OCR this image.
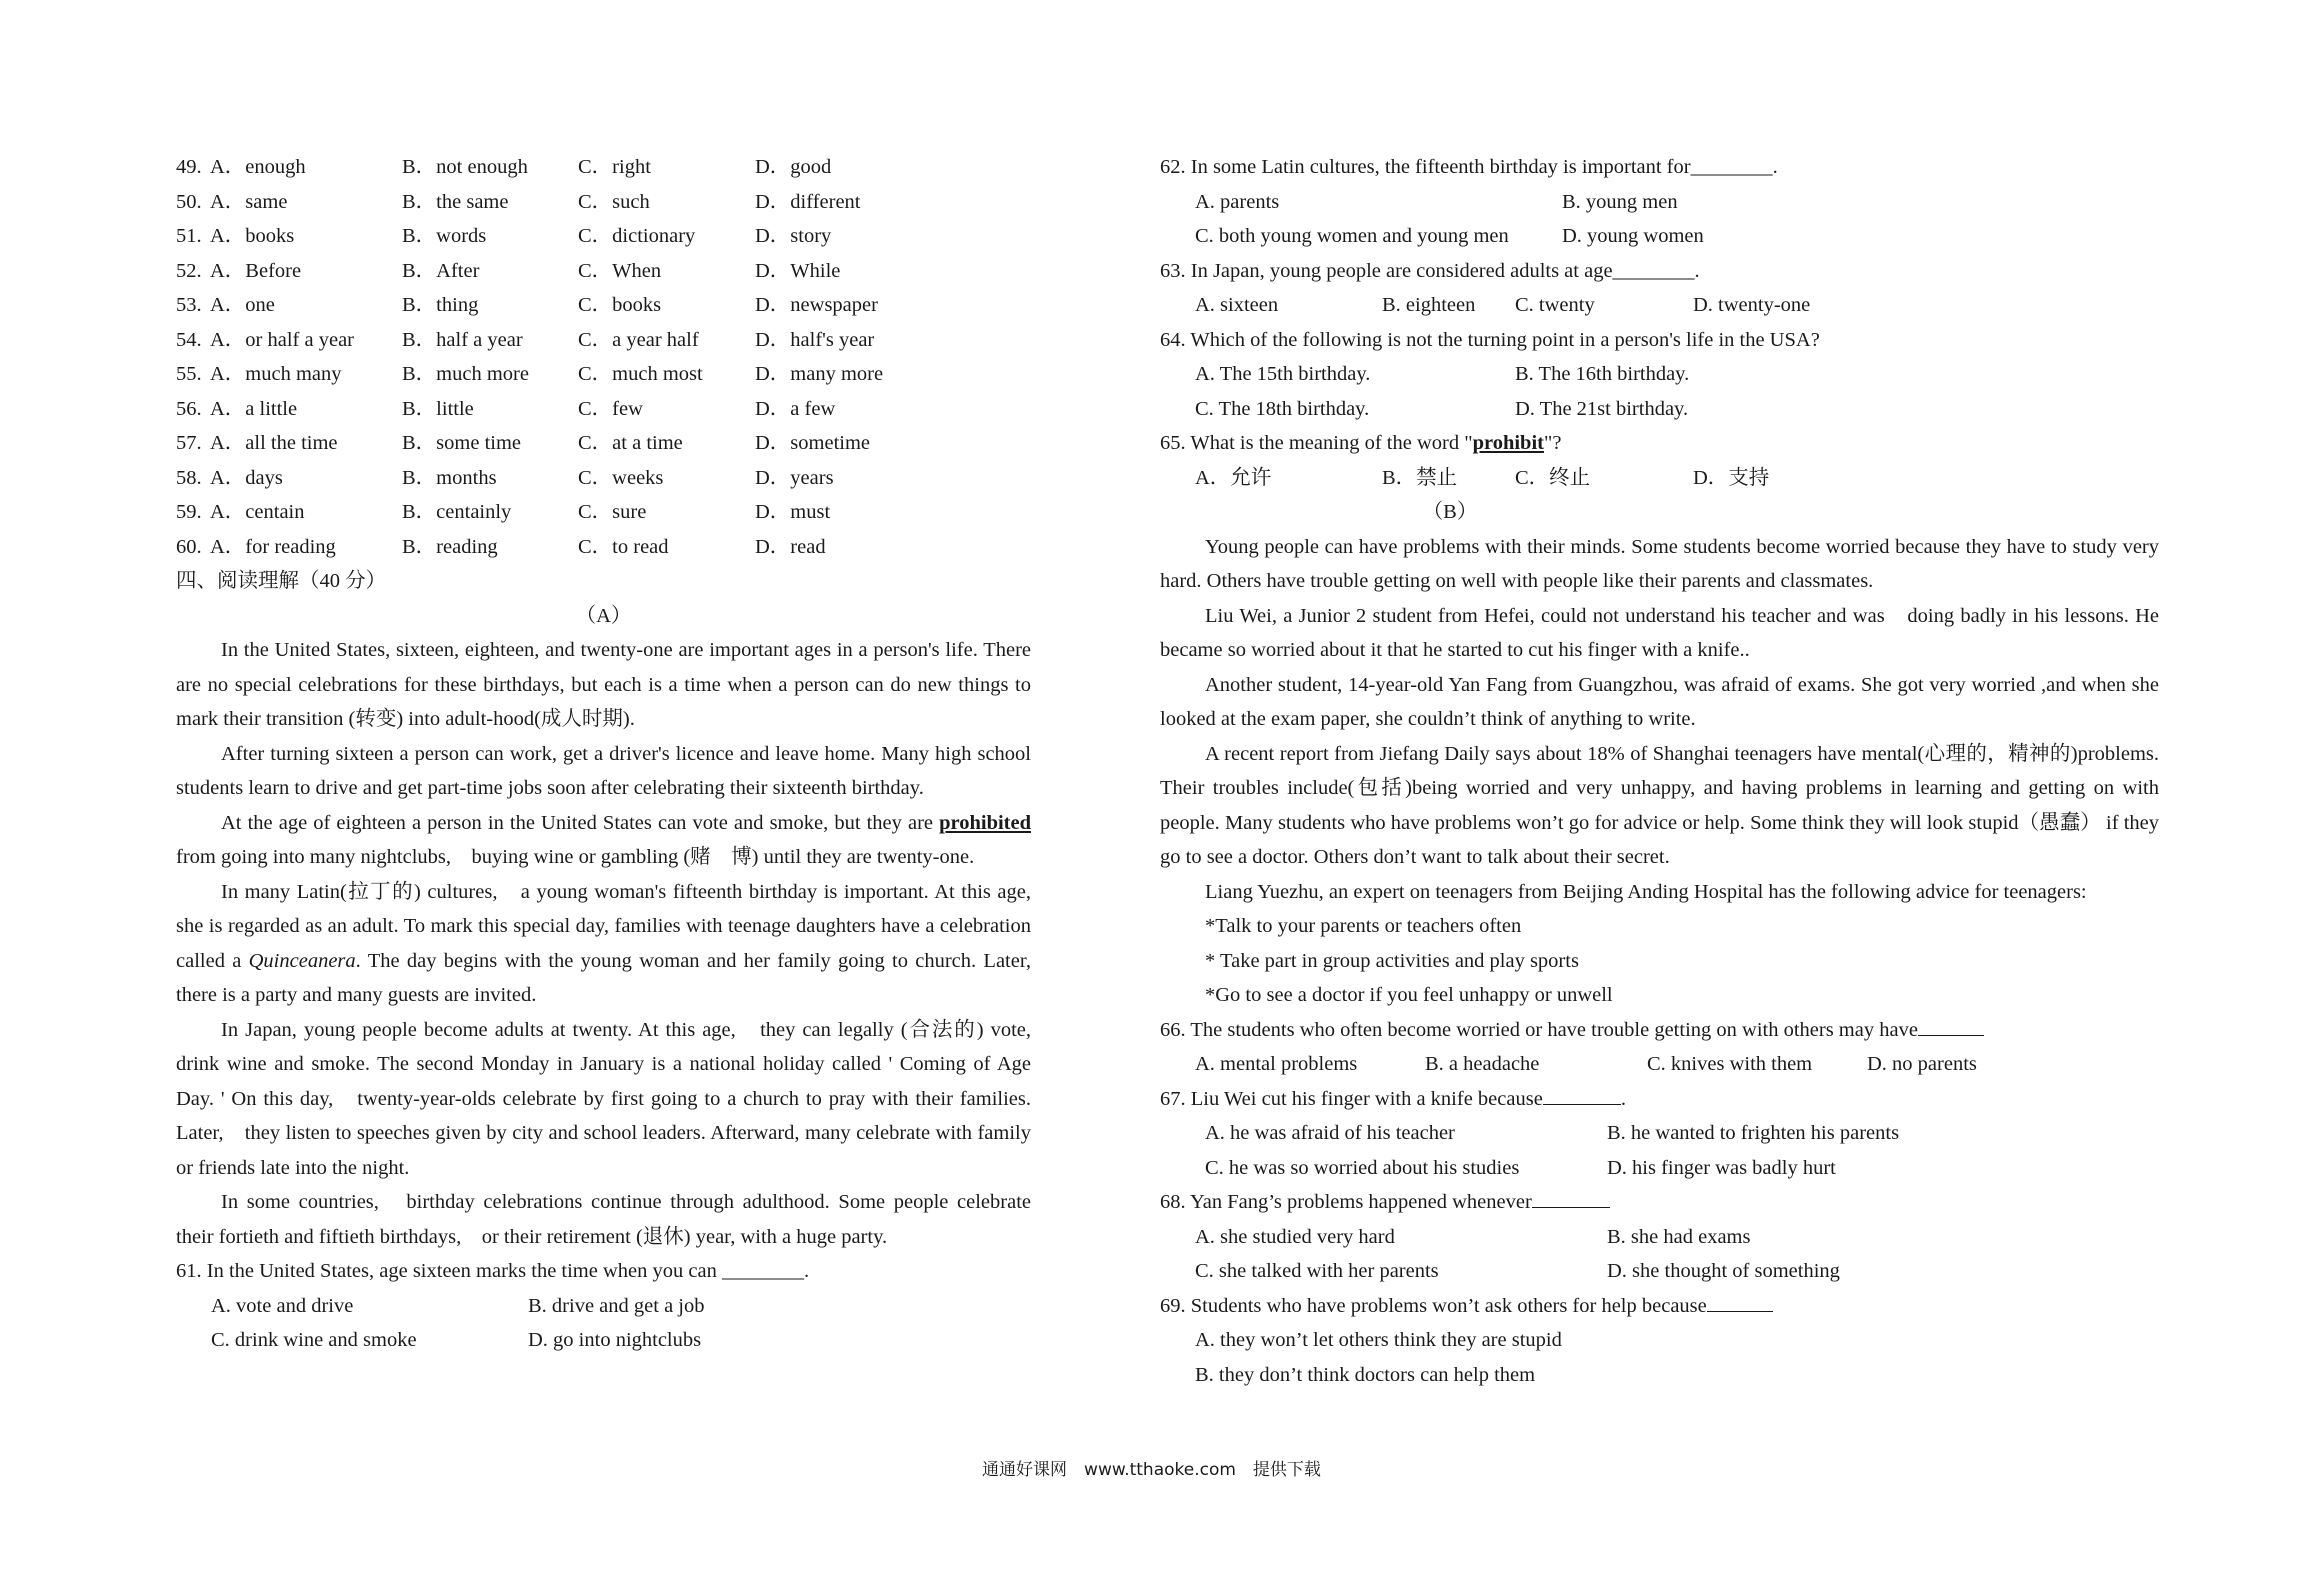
49. A．enough	B．not enough C．right	D．good
50. A．same	B．the same	C．such	D．different
51. A．books	B．words	C．dictionary	D．story
52. A．Before	B．After	C．When	D．While
53. A．one	B．thing	C．books	D．newspaper
54. A．or half a year B．half a year	C．a year half	D．half's year
55. A．much many	B．much more C．much most	D．many more
56. A．a little	B．little	C．few	D．a few
57. A．all the time	B．some time	C．at a time	D．sometime
58. A．days	B．months	C．weeks	D．years
59. A．centain	B．centainly	C．sure	D．must
60. A．for reading	B．reading	C．to read	D．read
四、阅读理解（40 分）
（A）

In the United States, sixteen, eighteen, and twenty-one are important ages in a person's life. There are no special celebrations for these birthdays, but each is a time when a person can do new things to mark their transition (转变) into adult-hood(成人时期).

After turning sixteen a person can work, get a driver's licence and leave home. Many high school students learn to drive and get part-time jobs soon after celebrating their sixteenth birthday.

At the age of eighteen a person in the United States can vote and smoke, but they are prohibited from going into many nightclubs,　buying wine or gambling (赌　博) until they are twenty-one.

In many Latin(拉丁的) cultures,　a young woman's fifteenth birthday is important. At this age, she is regarded as an adult. To mark this special day, families with teenage daughters have a celebration called a Quinceanera. The day begins with the young woman and her family going to church. Later,　there is a party and many guests are invited.

In Japan, young people become adults at twenty. At this age,　they can legally (合法的) vote, drink wine and smoke. The second Monday in January is a national holiday called ' Coming of Age Day. ' On this day,　twenty-year-olds celebrate by first going to a church to pray with their families. Later,　they listen to speeches given by city and school leaders. Afterward, many celebrate with family or friends late into the night.

In some countries,　birthday celebrations continue through adulthood. Some people celebrate their fortieth and fiftieth birthdays,　or their retirement (退休) year, with a huge party.

61. In the United States, age sixteen marks the time when you can ________.
A. vote and drive	B. drive and get a job
C. drink wine and smoke	D. go into nightclubs
62. In some Latin cultures, the fifteenth birthday is important for________.
A. parents	B. young men
C. both young women and young men	D. young women
63. In Japan, young people are considered adults at age________.
A. sixteen	B. eighteen C. twenty	D. twenty-one
64. Which of the following is not the turning point in a person's life in the USA?
A. The 15th birthday.	B. The 16th birthday.
C. The 18th birthday.	D. The 21st birthday.
65. What is the meaning of the word "prohibit"?
A．允许	B．禁止	C．终止	D．支持
（B）

Young people can have problems with their minds. Some students become worried because they have to study very hard. Others have trouble getting on well with people like their parents and classmates.

Liu Wei, a Junior 2 student from Hefei, could not understand his teacher and was　doing badly in his lessons. He became so worried about it that he started to cut his finger with a knife..

Another student, 14-year-old Yan Fang from Guangzhou, was afraid of exams. She got very worried ,and when she looked at the exam paper, she couldn’t think of anything to write.

A recent report from Jiefang Daily says about 18% of Shanghai teenagers have mental(心理的，精神的)problems. Their troubles include(包括)being worried and very unhappy, and having problems in learning and getting on with people. Many students who have problems won’t go for advice or help. Some think they will look stupid（愚蠢） if they go to see a doctor. Others don’t want to talk about their secret.

Liang Yuezhu, an expert on teenagers from Beijing Anding Hospital has the following advice for teenagers:

*Talk to your parents or teachers often

* Take part in group activities and play sports

*Go to see a doctor if you feel unhappy or unwell

66. The students who often become worried or have trouble getting on with others may have
A. mental problems	B. a headache	C. knives with them	D. no parents
67. Liu Wei cut his finger with a knife because	.
A. he was afraid of his teacher	B. he wanted to frighten his parents
C. he was so worried about his studies	D. his finger was badly hurt
68. Yan Fang’s problems happened whenever
A. she studied very hard	B. she had exams
C. she talked with her parents	D. she thought of something
69. Students who have problems won’t ask others for help because
A. they won’t let others think they are stupid
B. they don’t think doctors can help them
通通好课网　www.tthaoke.com　提供下载
